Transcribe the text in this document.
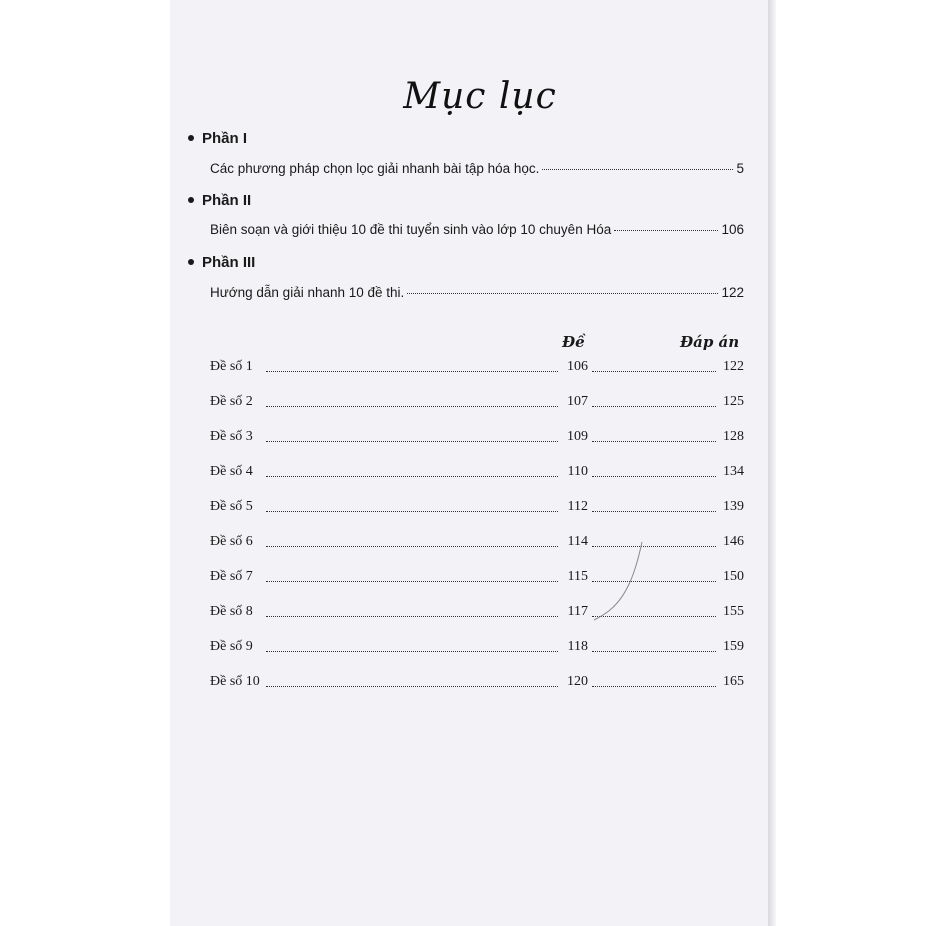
Mục lục
Phần I
Các phương pháp chọn lọc giải nhanh bài tập hóa học.	5
Phần II
Biên soạn và giới thiệu 10 đề thi tuyển sinh vào lớp 10 chuyên Hóa	106
Phần III
Hướng dẫn giải nhanh 10 đề thi.	122
Đề	Đáp án
Đề số 1	106	122
Đề số 2	107	125
Đề số 3	109	128
Đề số 4	110	134
Đề số 5	112	139
Đề số 6	114	146
Đề số 7	115	150
Đề số 8	117	155
Đề số 9	118	159
Đề số 10	120	165
